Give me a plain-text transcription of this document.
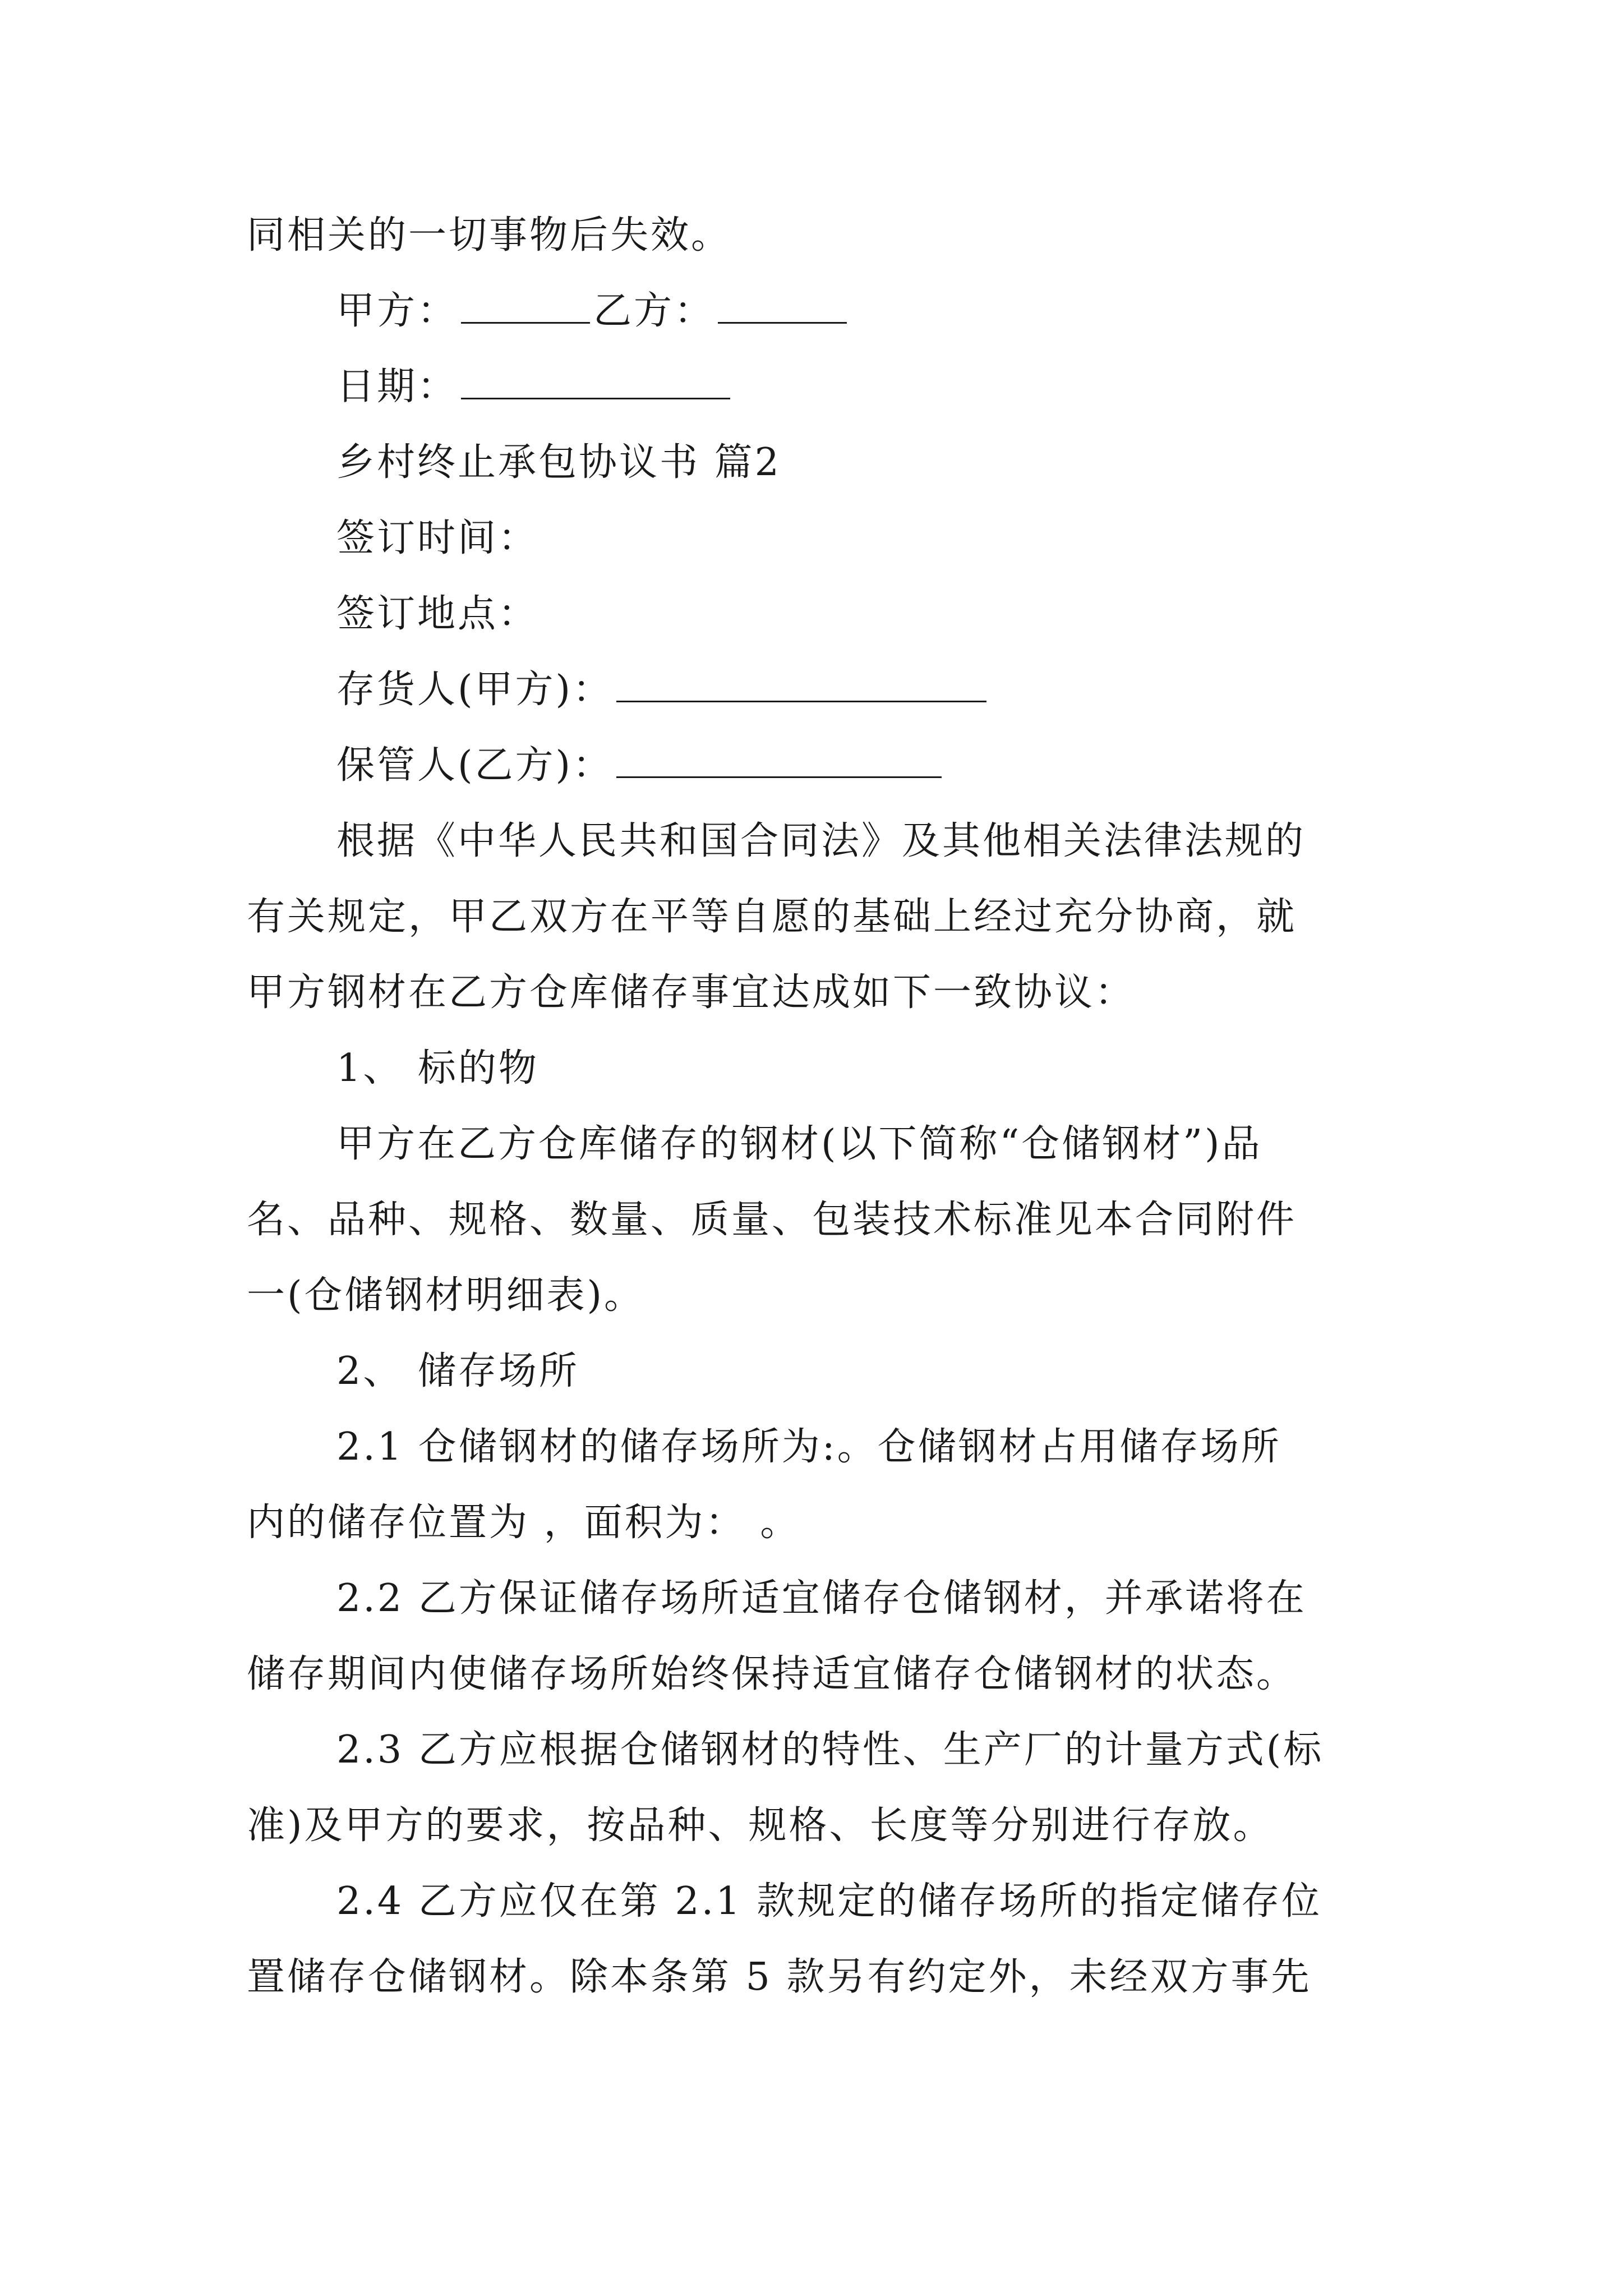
同相关的一切事物后失效。
甲方：	乙方：
日期：
乡村终止承包协议书 篇2
签订时间：
签订地点：
存货人(甲方)：
保管人(乙方)：
根据《中华人民共和国合同法》及其他相关法律法规的
有关规定，甲乙双方在平等自愿的基础上经过充分协商，就
甲方钢材在乙方仓库储存事宜达成如下一致协议：
1、 标的物
甲方在乙方仓库储存的钢材(以下简称“仓储钢材”)品
名、品种、规格、数量、质量、包装技术标准见本合同附件
一(仓储钢材明细表)。
2、 储存场所
2.1 仓储钢材的储存场所为:。仓储钢材占用储存场所
内的储存位置为 ，面积为： 。
2.2 乙方保证储存场所适宜储存仓储钢材，并承诺将在
储存期间内使储存场所始终保持适宜储存仓储钢材的状态。
2.3 乙方应根据仓储钢材的特性、生产厂的计量方式(标
准)及甲方的要求，按品种、规格、长度等分别进行存放。
2.4 乙方应仅在第 2.1 款规定的储存场所的指定储存位
置储存仓储钢材。除本条第 5 款另有约定外，未经双方事先
